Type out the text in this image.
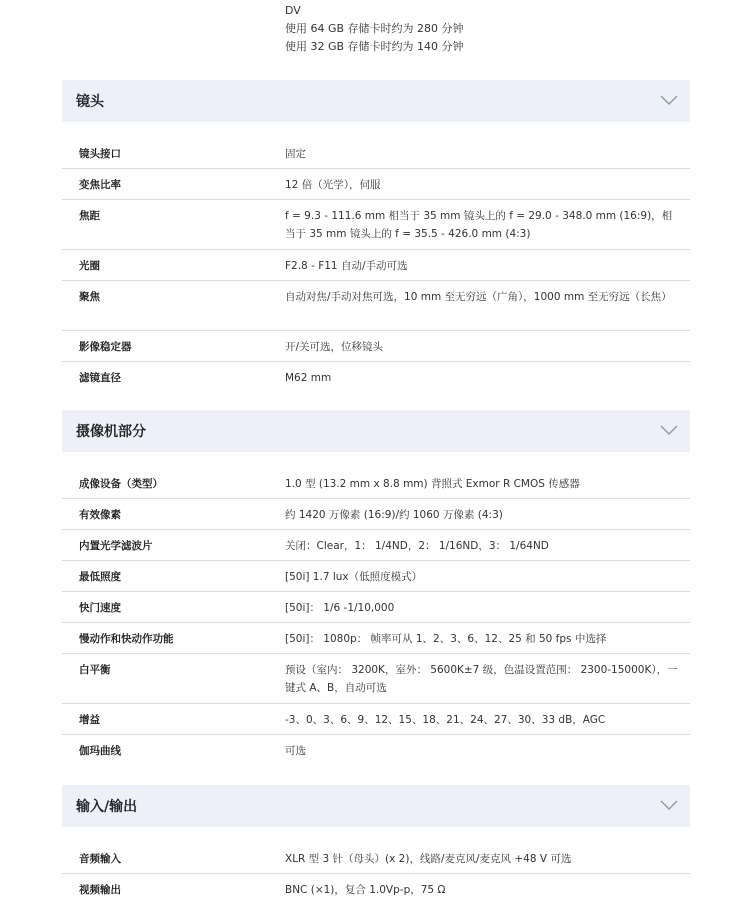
DV
使用 64 GB 存储卡时约为 280 分钟
使用 32 GB 存储卡时约为 140 分钟
镜头
镜头接口	固定
变焦比率	12 倍（光学），伺服
焦距	f = 9.3 - 111.6 mm 相当于 35 mm 镜头上的 f = 29.0 - 348.0 mm (16:9)，相当于 35 mm 镜头上的 f = 35.5 - 426.0 mm (4:3)
光圈	F2.8 - F11 自动/手动可选
聚焦	自动对焦/手动对焦可选，10 mm 至无穷远（广角），1000 mm 至无穷远（长焦）
影像稳定器	开/关可选，位移镜头
滤镜直径	M62 mm
摄像机部分
成像设备（类型）	1.0 型 (13.2 mm x 8.8 mm) 背照式 Exmor R CMOS 传感器
有效像素	约 1420 万像素 (16:9)/约 1060 万像素 (4:3)
内置光学滤波片	关闭：Clear，1： 1/4ND，2： 1/16ND，3： 1/64ND
最低照度	[50i] 1.7 lux（低照度模式）
快门速度	[50i]： 1/6 -1/10,000
慢动作和快动作功能	[50i]： 1080p： 帧率可从 1、2、3、6、12、25 和 50 fps 中选择
白平衡	预设（室内： 3200K，室外： 5600K±7 级，色温设置范围： 2300-15000K），一键式 A、B，自动可选
增益	-3、0、3、6、9、12、15、18、21、24、27、30、33 dB，AGC
伽玛曲线	可选
输入/输出
音频输入	XLR 型 3 针（母头）(x 2)，线路/麦克风/麦克风 +48 V 可选
视频输出	BNC (×1)，复合 1.0Vp-p，75 Ω
